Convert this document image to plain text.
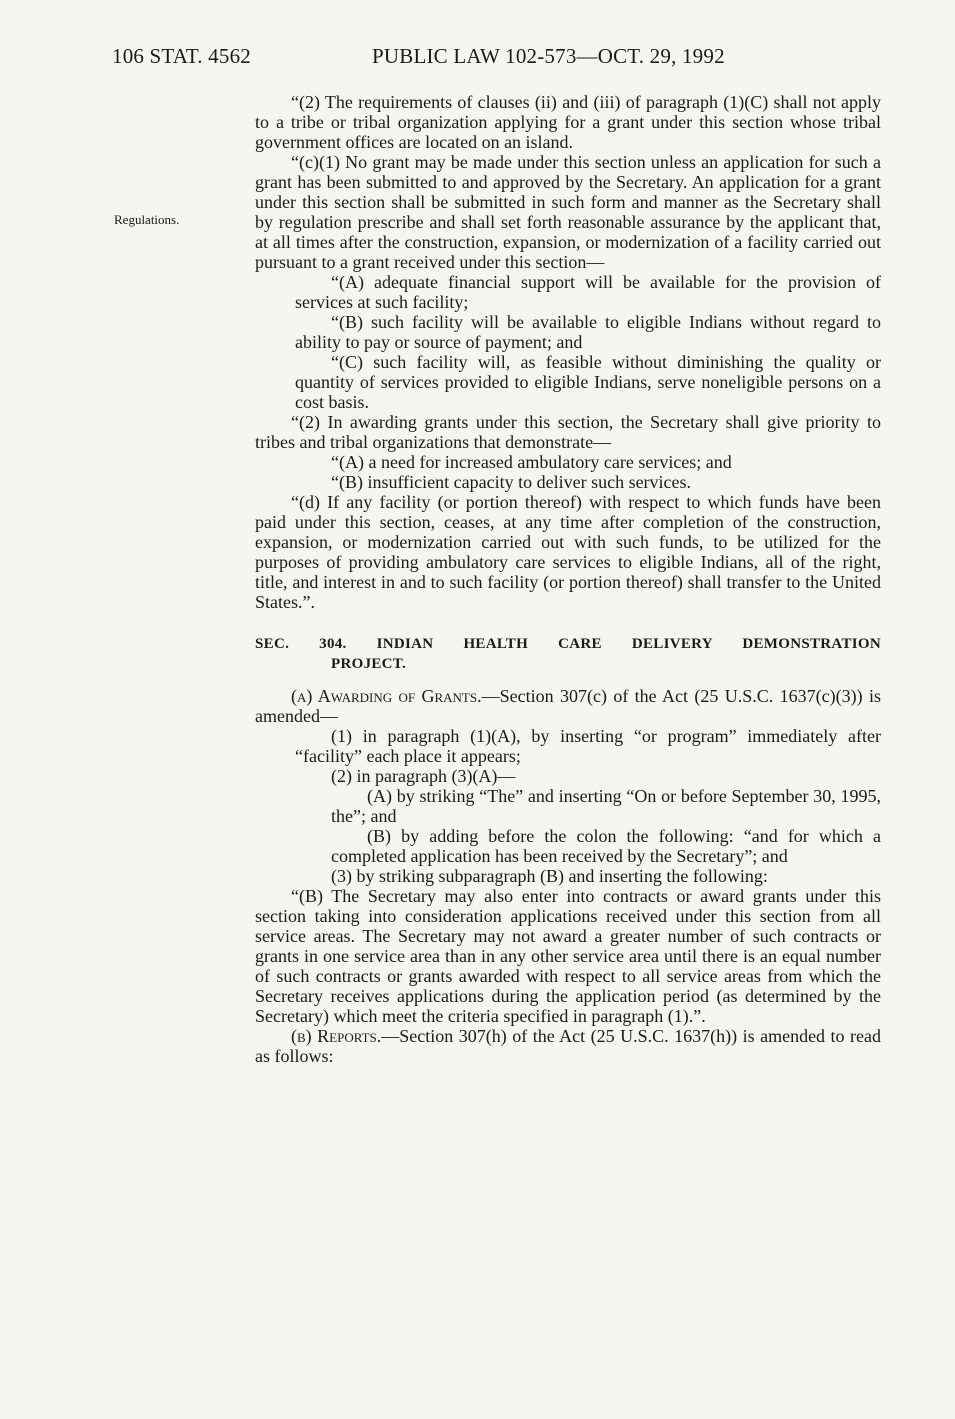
106 STAT. 4562	PUBLIC LAW 102-573—OCT. 29, 1992
Regulations.

“(2) The requirements of clauses (ii) and (iii) of paragraph (1)(C) shall not apply to a tribe or tribal organization applying for a grant under this section whose tribal government offices are located on an island.

“(c)(1) No grant may be made under this section unless an application for such a grant has been submitted to and approved by the Secretary. An application for a grant under this section shall be submitted in such form and manner as the Secretary shall by regulation prescribe and shall set forth reasonable assurance by the applicant that, at all times after the construction, expansion, or modernization of a facility carried out pursuant to a grant received under this section—

“(A) adequate financial support will be available for the provision of services at such facility;

“(B) such facility will be available to eligible Indians without regard to ability to pay or source of payment; and

“(C) such facility will, as feasible without diminishing the quality or quantity of services provided to eligible Indians, serve noneligible persons on a cost basis.

“(2) In awarding grants under this section, the Secretary shall give priority to tribes and tribal organizations that demonstrate—

“(A) a need for increased ambulatory care services; and

“(B) insufficient capacity to deliver such services.

“(d) If any facility (or portion thereof) with respect to which funds have been paid under this section, ceases, at any time after completion of the construction, expansion, or modernization carried out with such funds, to be utilized for the purposes of providing ambulatory care services to eligible Indians, all of the right, title, and interest in and to such facility (or portion thereof) shall transfer to the United States.”.

SEC. 304. INDIAN HEALTH CARE DELIVERY DEMONSTRATION
PROJECT.

(a) Awarding of Grants.—Section 307(c) of the Act (25 U.S.C. 1637(c)(3)) is amended—

(1) in paragraph (1)(A), by inserting “or program” immediately after “facility” each place it appears;

(2) in paragraph (3)(A)—

(A) by striking “The” and inserting “On or before September 30, 1995, the”; and

(B) by adding before the colon the following: “and for which a completed application has been received by the Secretary”; and

(3) by striking subparagraph (B) and inserting the following:

“(B) The Secretary may also enter into contracts or award grants under this section taking into consideration applications received under this section from all service areas. The Secretary may not award a greater number of such contracts or grants in one service area than in any other service area until there is an equal number of such contracts or grants awarded with respect to all service areas from which the Secretary receives applications during the application period (as determined by the Secretary) which meet the criteria specified in paragraph (1).”.

(b) Reports.—Section 307(h) of the Act (25 U.S.C. 1637(h)) is amended to read as follows:
